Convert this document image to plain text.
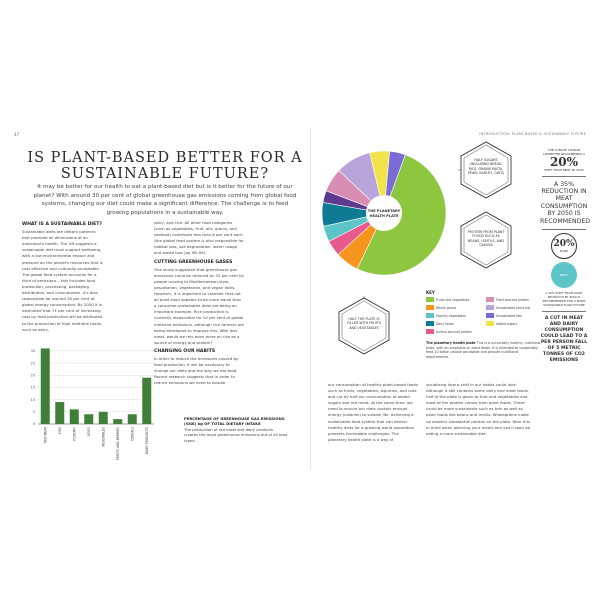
47	INTRODUCTION: PLANT-BASED & SUSTAINABLE FUTURE
IS PLANT-BASED BETTER FOR A SUSTAINABLE FUTURE?
It may be better for our health to eat a plant-based diet but is it better for the future of our planet? With around 30 per cent of global greenhouse gas emissions coming from global food systems, changing our diet could make a significant difference. The challenge is to feed growing populations in a sustainable way.
WHAT IS A SUSTAINABLE DIET?

Sustainable diets are dietary patterns that promote all dimensions of an individual's health. The UN suggests a sustainable diet must support wellbeing, with a low environmental impact and pressure on the planet's resources that is cost effective and culturally acceptable. The global food system accounts for a third of emissions – this includes food production, processing, packaging, distribution, and consumption. It's also responsible for around 30 per cent of global energy consumption. By 2050 it is estimated that 71 per cent of increasing cost by food production will be attributed to the production of high methane foods, such as dairy,

dairy, and rice. All other food categories (such as vegetables, fruit, oils, grains, and seafood) contribute less than 6 per cent each (the global food system is also responsible for habitat loss, soil degradation, water usage, and waste loss (pp 98–99).

CUTTING GREENHOUSE GASES

One study suggested that greenhouse gas emissions could be reduced by 32 per cent by people moving to Mediterranean-style, pescatarian, vegetarian, and vegan diets. However, it is important to consider that not all plant-food appears to be more equal than a consumer-sustainable diets are being an important example. Rice production is currently responsible for 10 per cent of global methane emissions, although rice farmers are being developed to improve this. With less meat, would we rely even more on rice as a source of energy and protein?

CHANGING OUR HABITS

In order to reduce the emissions caused by food production, it will be necessary to change our diets and the way we eat food. Recent research suggests that in order to reduce emissions we need to double

0
5
10
15
20
25
30
RED MEAT	FISH	POULTRY	EGGS	VEGETABLES	FRUITS AND BERRIES	CEREALS	DAIRY PRODUCTS
PERCENTAGE OF GREENHOUSE GAS EMISSIONS (GGE) kg OF TOTAL DIETARY INTAKE
The production of red meat and dairy products creates the most greenhouse emissions out of all food types.
THE PLANETARY
HEALTH PLATE
HALF SUGARS (INCLUDING BREAD, RICE, GRAINS PASTA, PEARL BARLEY, OATS)
PROTEIN FROM PLANT FOODS SUCH AS BEANS, LENTILS, AND QUINOA
HALF THE PLATE IS FILLED WITH FRUITS AND VEGETABLES
KEY
Fruits and vegetables	Plant-sourced protein
Whole grains	Unsaturated plant oils
Starchy vegetables	Unsaturated fats
Dairy foods	Added sugars
Animal-sourced protein
The planetary health plate This is a universally healthy, nutritious plate, with an emphasis on plant foods. It is intended to sustainably feed 10 billion people worldwide and provide nutritional requirements.
our consumption of healthy plant-based foods such as fruits, vegetables, legumes, and nuts and cut by half our consumption of added sugars and red meat. At the same time, we need to ensure our diets contain enough energy (calories) to sustain life. Achieving a sustainable food system that can deliver healthy diets for a growing world population presents formidable challenges. The planetary health plate is a way of
visualizing how a shift in our habits could look. Although it still contains some dairy and meat foods, half of the plate is given to fruit and vegetables and most of the protein comes from plant foods. These could be more sustainable such as tofu as well as plant foods like beans and lentils. Wholegrains make up another substantial portion on the plate. Bear this in mind when planning your meals and you'll soon be eating a more sustainable diet.
THE CLIMATE CHANGE COMMITTEE RECOMMENDS A
20%
SHIFT FROM MEAT BY 2030
A 35% REDUCTION IN MEAT CONSUMPTION BY 2050 IS RECOMMENDED
20%
DAIRY
MEAT
A 20% SHIFT FROM DAIRY PRODUCTS BY 2050 IS RECOMMENDED FOR A MORE SUSTAINABLE FOOD FUTURE
A CUT IN MEAT AND DAIRY CONSUMPTION COULD LEAD TO A PER PERSON FALL OF 5 METRIC TONNES OF CO2 EMISSIONS
